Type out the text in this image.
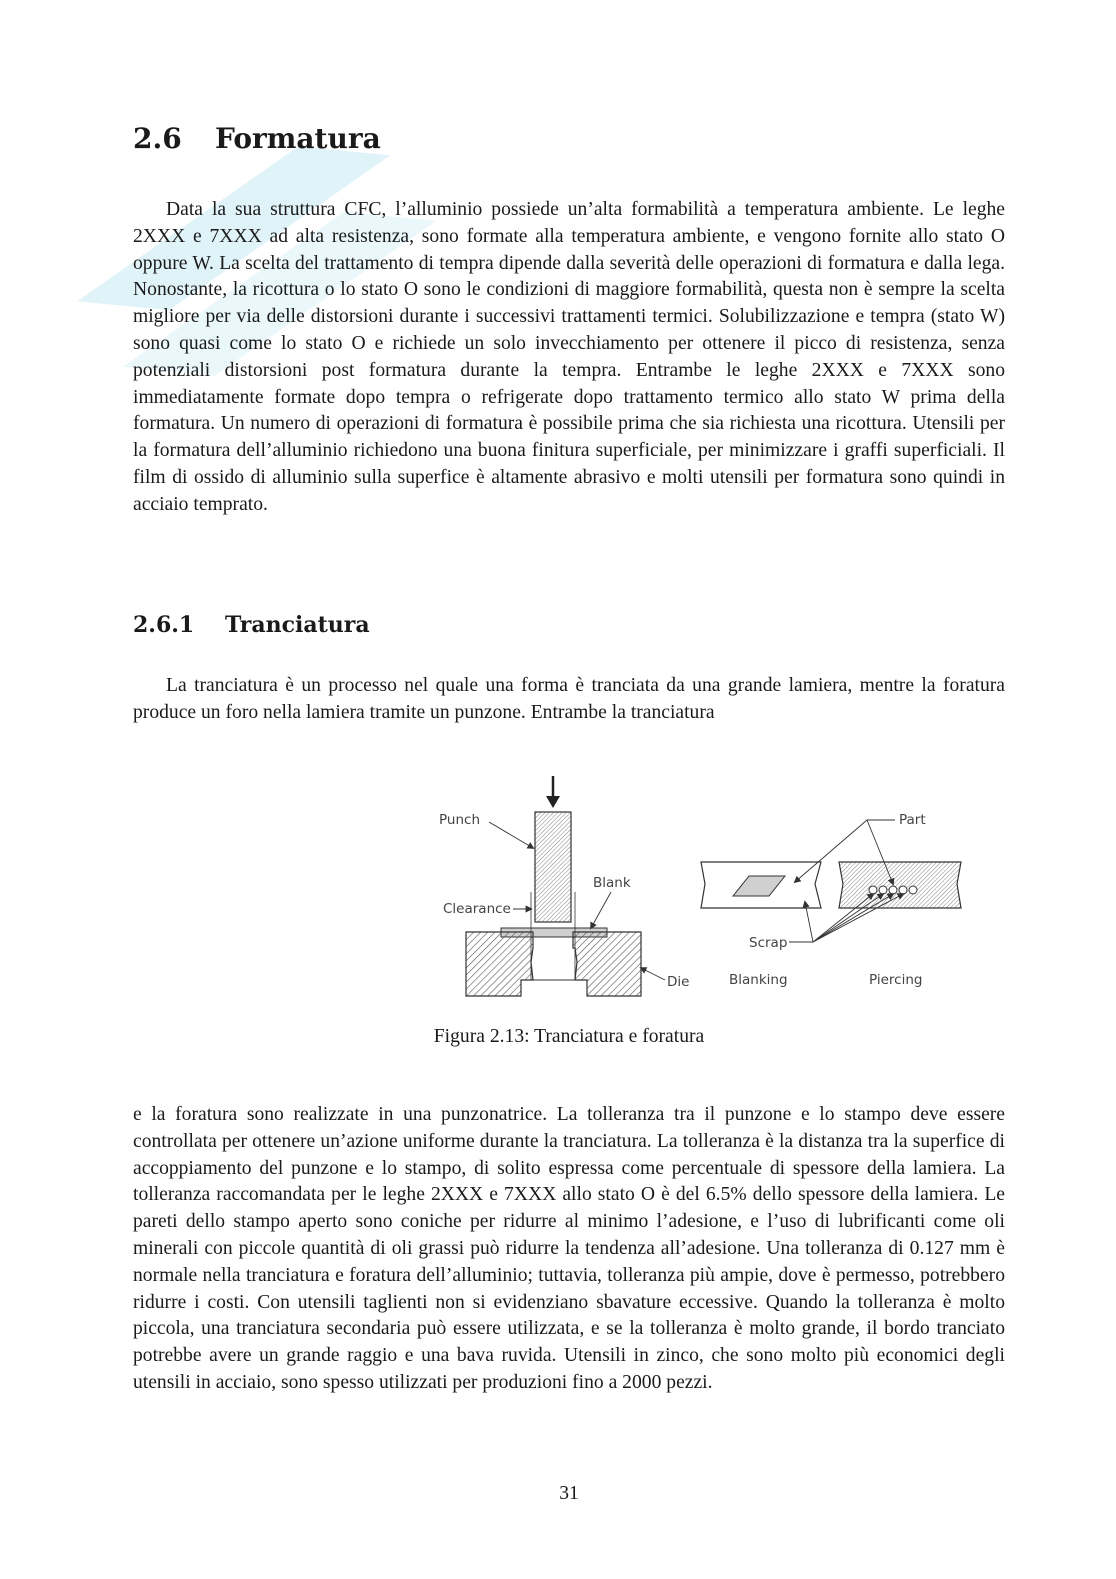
2.6 Formatura

Data la sua struttura CFC, l’alluminio possiede un’alta formabilità a temperatura ambiente. Le leghe 2XXX e 7XXX ad alta resistenza, sono formate alla temperatura ambiente, e vengono fornite allo stato O oppure W. La scelta del trattamento di tempra dipende dalla severità delle operazioni di formatura e dalla lega. Nonostante, la ricottura o lo stato O sono le condizioni di maggiore formabilità, questa non è sempre la scelta migliore per via delle distorsioni durante i successivi trattamenti termici. Solubilizzazione e tempra (stato W) sono quasi come lo stato O e richiede un solo invecchiamento per ottenere il picco di resistenza, senza potenziali distorsioni post formatura durante la tempra. Entrambe le leghe 2XXX e 7XXX sono immediatamente formate dopo tempra o refrigerate dopo trattamento termico allo stato W prima della formatura. Un numero di operazioni di formatura è possibile prima che sia richiesta una ricottura. Utensili per la formatura dell’alluminio richiedono una buona finitura superficiale, per minimizzare i graffi superficiali. Il film di ossido di alluminio sulla superfice è altamente abrasivo e molti utensili per formatura sono quindi in acciaio temprato.

2.6.1 Tranciatura

La tranciatura è un processo nel quale una forma è tranciata da una grande lamiera, mentre la foratura produce un foro nella lamiera tramite un punzone. Entrambe la tranciatura

Punch
Clearance
Blank
Die
Part
Scrap
Blanking	Piercing
Figura 2.13: Tranciatura e foratura

e la foratura sono realizzate in una punzonatrice. La tolleranza tra il punzone e lo stampo deve essere controllata per ottenere un’azione uniforme durante la tranciatura. La tolleranza è la distanza tra la superfice di accoppiamento del punzone e lo stampo, di solito espressa come percentuale di spessore della lamiera. La tolleranza raccomandata per le leghe 2XXX e 7XXX allo stato O è del 6.5% dello spessore della lamiera. Le pareti dello stampo aperto sono coniche per ridurre al minimo l’adesione, e l’uso di lubrificanti come oli minerali con piccole quantità di oli grassi può ridurre la tendenza all’adesione. Una tolleranza di 0.127 mm è normale nella tranciatura e foratura dell’alluminio; tuttavia, tolleranza più ampie, dove è permesso, potrebbero ridurre i costi. Con utensili taglienti non si evidenziano sbavature eccessive. Quando la tolleranza è molto piccola, una tranciatura secondaria può essere utilizzata, e se la tolleranza è molto grande, il bordo tranciato potrebbe avere un grande raggio e una bava ruvida. Utensili in zinco, che sono molto più economici degli utensili in acciaio, sono spesso utilizzati per produzioni fino a 2000 pezzi.

31
